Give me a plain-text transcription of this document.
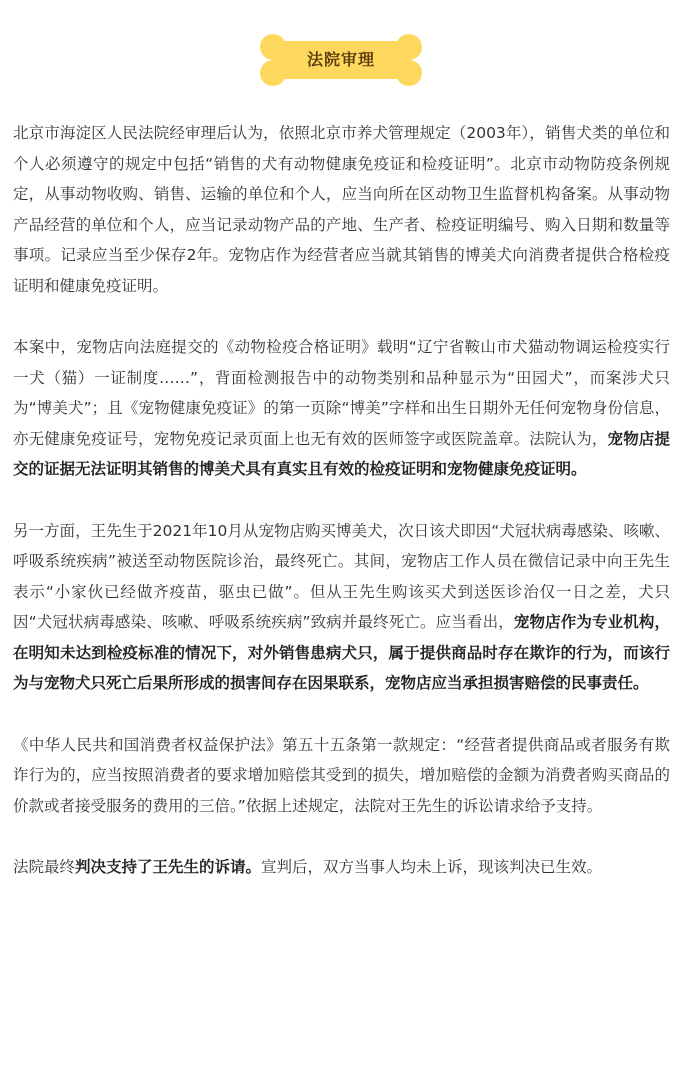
法院审理

北京市海淀区人民法院经审理后认为，依照北京市养犬管理规定（2003年），销售犬类的单位和个人必须遵守的规定中包括“销售的犬有动物健康免疫证和检疫证明”。北京市动物防疫条例规定，从事动物收购、销售、运输的单位和个人，应当向所在区动物卫生监督机构备案。从事动物产品经营的单位和个人，应当记录动物产品的产地、生产者、检疫证明编号、购入日期和数量等事项。记录应当至少保存2年。宠物店作为经营者应当就其销售的博美犬向消费者提供合格检疫证明和健康免疫证明。

本案中，宠物店向法庭提交的《动物检疫合格证明》载明“辽宁省鞍山市犬猫动物调运检疫实行一犬（猫）一证制度……”，背面检测报告中的动物类别和品种显示为“田园犬”，而案涉犬只为“博美犬”；且《宠物健康免疫证》的第一页除“博美”字样和出生日期外无任何宠物身份信息，亦无健康免疫证号，宠物免疫记录页面上也无有效的医师签字或医院盖章。法院认为，宠物店提交的证据无法证明其销售的博美犬具有真实且有效的检疫证明和宠物健康免疫证明。

另一方面，王先生于2021年10月从宠物店购买博美犬，次日该犬即因“犬冠状病毒感染、咳嗽、呼吸系统疾病”被送至动物医院诊治，最终死亡。其间，宠物店工作人员在微信记录中向王先生表示“小家伙已经做齐疫苗，驱虫已做”。但从王先生购该买犬到送医诊治仅一日之差，犬只因“犬冠状病毒感染、咳嗽、呼吸系统疾病”致病并最终死亡。应当看出，宠物店作为专业机构，在明知未达到检疫标准的情况下，对外销售患病犬只，属于提供商品时存在欺诈的行为，而该行为与宠物犬只死亡后果所形成的损害间存在因果联系，宠物店应当承担损害赔偿的民事责任。

《中华人民共和国消费者权益保护法》第五十五条第一款规定：“经营者提供商品或者服务有欺诈行为的，应当按照消费者的要求增加赔偿其受到的损失，增加赔偿的金额为消费者购买商品的价款或者接受服务的费用的三倍。”依据上述规定，法院对王先生的诉讼请求给予支持。

法院最终判决支持了王先生的诉请。宣判后，双方当事人均未上诉，现该判决已生效。
